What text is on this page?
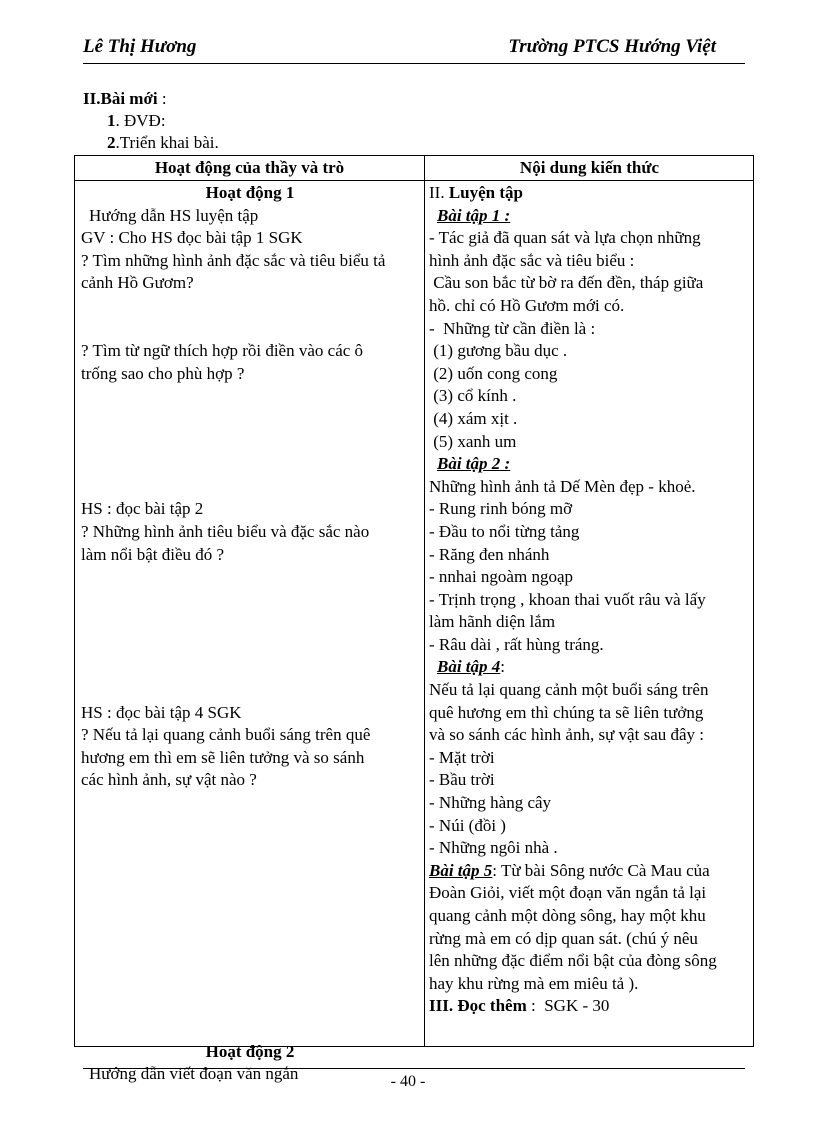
Lê Thị Hương	Trường PTCS Hướng Việt
II.Bài mới :
1. ĐVĐ:
2.Triển khai bài.
Hoạt động của thầy và trò	Nội dung kiến thức
Hoạt động 1
Hướng dẫn HS luyện tập
GV : Cho HS đọc bài tập 1 SGK
? Tìm những hình ảnh đặc sắc và tiêu biểu tả
cảnh Hồ Gươm?
? Tìm từ ngữ thích hợp rồi điền vào các ô
trống sao cho phù hợp ?
HS : đọc bài tập 2
? Những hình ảnh tiêu biểu và đặc sắc nào
làm nổi bật điều đó ?
HS : đọc bài tập 4 SGK
? Nếu tả lại quang cảnh buổi sáng trên quê
hương em thì em sẽ liên tưởng và so sánh
các hình ảnh, sự vật nào ?
Hoạt động 2
Hướng dẫn viết đoạn văn ngắn
II. Luyện tập
Bài tập 1 :
- Tác giả đã quan sát và lựa chọn những
hình ảnh đặc sắc và tiêu biểu :
Cầu son bắc từ bờ ra đến đền, tháp giữa
hồ. chỉ có Hồ Gươm mới có.
-  Những từ cần điền là :
(1) gương bầu dục .
(2) uốn cong cong
(3) cổ kính .
(4) xám xịt .
(5) xanh um
Bài tập 2 :
Những hình ảnh tả Dế Mèn đẹp - khoẻ.
- Rung rinh bóng mỡ
- Đầu to nổi từng tảng
- Răng đen nhánh
- nnhai ngoàm ngoạp
- Trịnh trọng , khoan thai vuốt râu và lấy
làm hãnh diện lắm
- Râu dài , rất hùng tráng.
Bài tập 4:
Nếu tả lại quang cảnh một buổi sáng trên
quê hương em thì chúng ta sẽ liên tưởng
và so sánh các hình ảnh, sự vật sau đây :
- Mặt trời
- Bầu trời
- Những hàng cây
- Núi (đồi )
- Những ngôi nhà .
Bài tập 5: Từ bài Sông nước Cà Mau của
Đoàn Giỏi, viết một đoạn văn ngắn tả lại
quang cảnh một dòng sông, hay một khu
rừng mà em có dịp quan sát. (chú ý nêu
lên những đặc điểm nổi bật của đòng sông
hay khu rừng mà em miêu tả ).
III. Đọc thêm :  SGK - 30
- 40 -
